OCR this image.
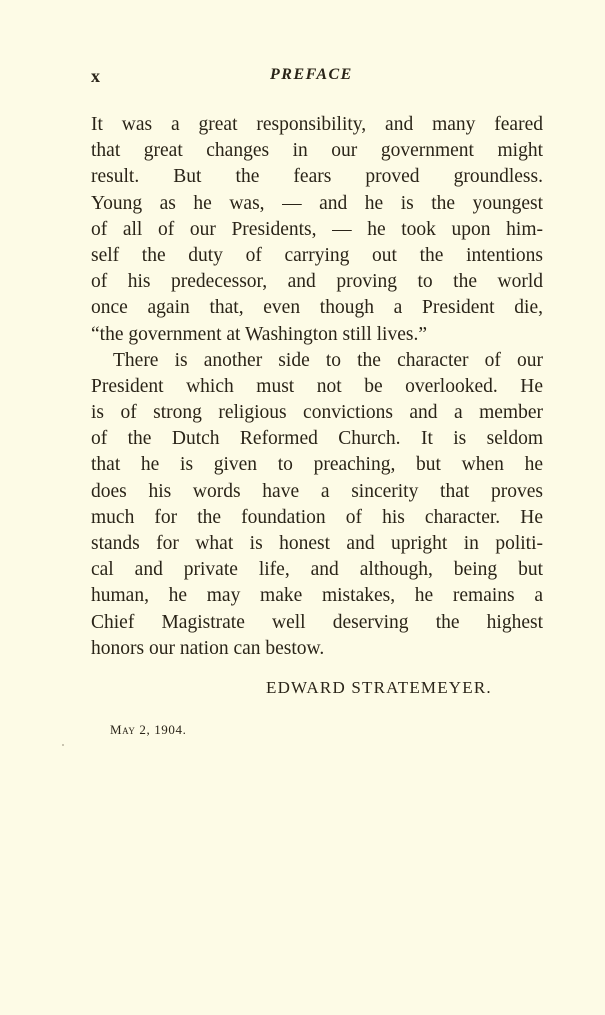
x	PREFACE
It was a great responsibility, and many feared
that great changes in our government might
result. But the fears proved groundless.
Young as he was, — and he is the youngest
of all of our Presidents, — he took upon him-
self the duty of carrying out the intentions
of his predecessor, and proving to the world
once again that, even though a President die,
“the government at Washington still lives.”
There is another side to the character of our
President which must not be overlooked. He
is of strong religious convictions and a member
of the Dutch Reformed Church. It is seldom
that he is given to preaching, but when he
does his words have a sincerity that proves
much for the foundation of his character. He
stands for what is honest and upright in politi-
cal and private life, and although, being but
human, he may make mistakes, he remains a
Chief Magistrate well deserving the highest
honors our nation can bestow.
EDWARD STRATEMEYER.
May 2, 1904.
